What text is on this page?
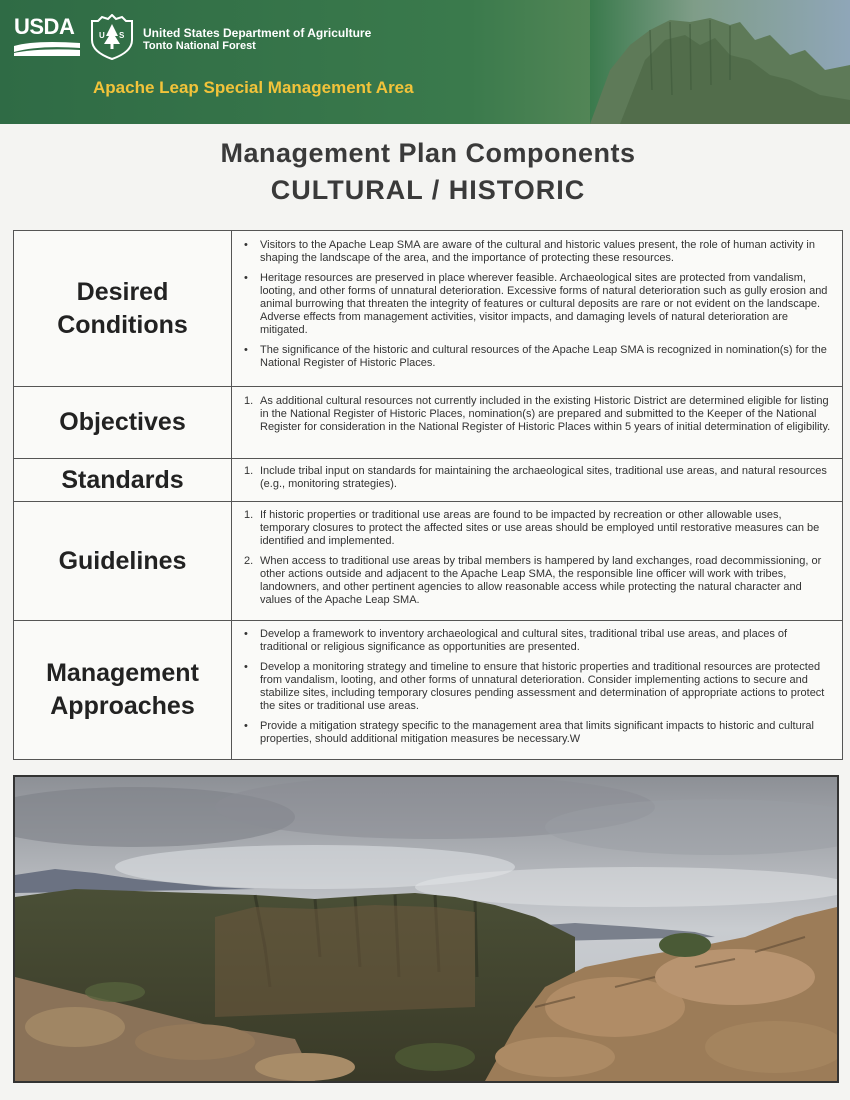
USDA	U S United States Department of Agriculture
Tonto National Forest
Apache Leap Special Management Area
Management Plan Components
CULTURAL / HISTORIC
Desired Conditions
• Visitors to the Apache Leap SMA are aware of the cultural and historic values present, the role of human activity in shaping the landscape of the area, and the importance of protecting these resources.
• Heritage resources are preserved in place wherever feasible. Archaeological sites are protected from vandalism, looting, and other forms of unnatural deterioration. Excessive forms of natural deterioration such as gully erosion and animal burrowing that threaten the integrity of features or cultural deposits are rare or not evident on the landscape. Adverse effects from management activities, visitor impacts, and damaging levels of natural deterioration are mitigated.
• The significance of the historic and cultural resources of the Apache Leap SMA is recognized in nomination(s) for the National Register of Historic Places.
Objectives
1. As additional cultural resources not currently included in the existing Historic District are determined eligible for listing in the National Register of Historic Places, nomination(s) are prepared and submitted to the Keeper of the National Register for consideration in the National Register of Historic Places within 5 years of initial determination of eligibility.
Standards	1. Include tribal input on standards for maintaining the archaeological sites, traditional use areas, and natural resources (e.g., monitoring strategies).
Guidelines
1. If historic properties or traditional use areas are found to be impacted by recreation or other allowable uses, temporary closures to protect the affected sites or use areas should be employed until restorative measures can be identified and implemented.
2. When access to traditional use areas by tribal members is hampered by land exchanges, road decommissioning, or other actions outside and adjacent to the Apache Leap SMA, the responsible line officer will work with tribes, landowners, and other pertinent agencies to allow reasonable access while protecting the natural character and values of the Apache Leap SMA.
Management Approaches
• Develop a framework to inventory archaeological and cultural sites, traditional tribal use areas, and places of traditional or religious significance as opportunities are presented.
• Develop a monitoring strategy and timeline to ensure that historic properties and traditional resources are protected from vandalism, looting, and other forms of unnatural deterioration. Consider implementing actions to secure and stabilize sites, including temporary closures pending assessment and determination of appropriate actions to protect the sites or traditional use areas.
• Provide a mitigation strategy specific to the management area that limits significant impacts to historic and cultural properties, should additional mitigation measures be necessary.W
